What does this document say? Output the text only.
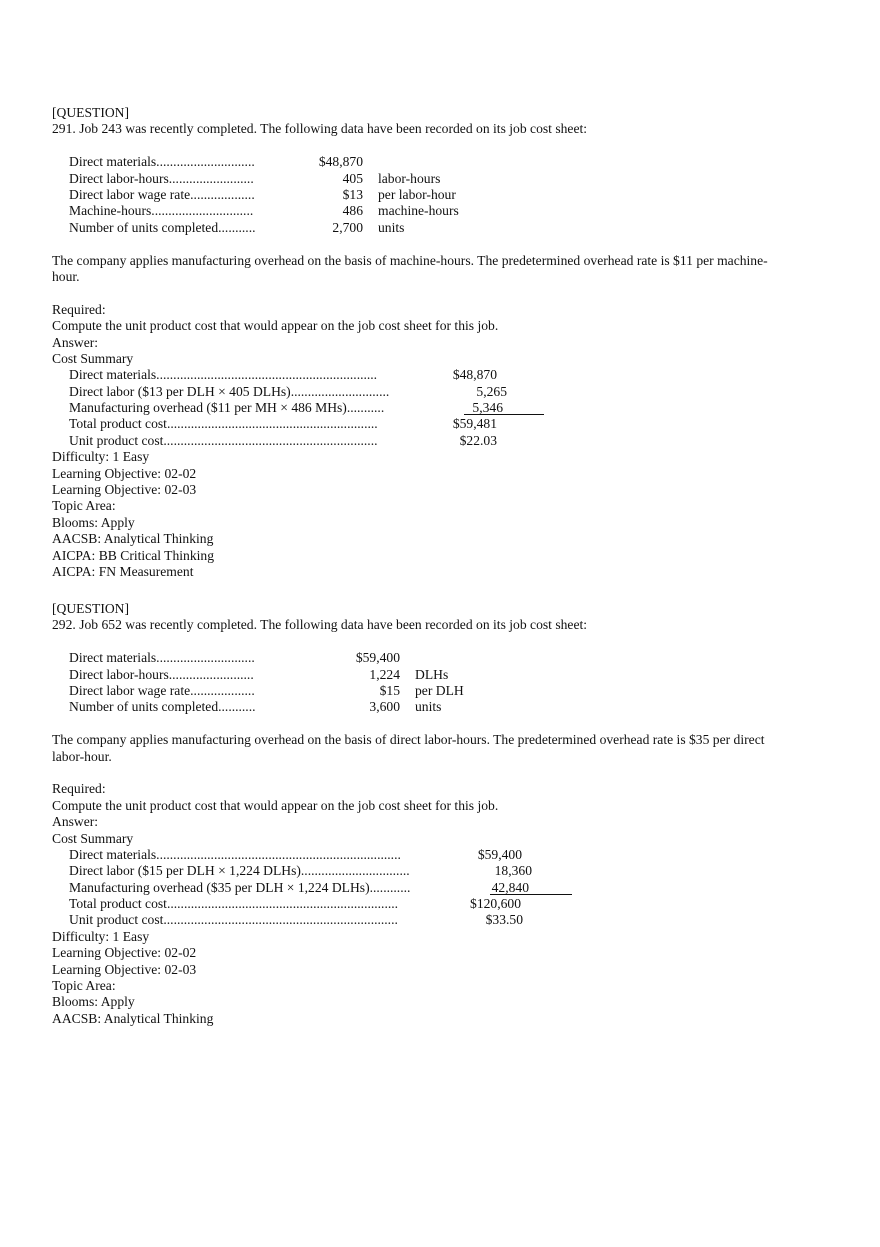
[QUESTION]
291. Job 243 was recently completed. The following data have been recorded on its job cost sheet:
Direct materials.............................	$48,870
Direct labor-hours.........................	405 labor-hours
Direct labor wage rate...................	$13 per labor-hour
Machine-hours..............................	486 machine-hours
Number of units completed...........	2,700 units
The company applies manufacturing overhead on the basis of machine-hours. The predetermined overhead rate is $11 per machine-hour.
Required:
Compute the unit product cost that would appear on the job cost sheet for this job.
Answer:
Cost Summary
Direct materials.................................................................	$48,870
Direct labor ($13 per DLH × 405 DLHs).............................	5,265
Manufacturing overhead ($11 per MH × 486 MHs)...........	5,346
Total product cost..............................................................	$59,481
Unit product cost...............................................................	$22.03
Difficulty: 1 Easy
Learning Objective: 02-02
Learning Objective: 02-03
Topic Area:
Blooms: Apply
AACSB: Analytical Thinking
AICPA: BB Critical Thinking
AICPA: FN Measurement
[QUESTION]
292. Job 652 was recently completed. The following data have been recorded on its job cost sheet:
Direct materials.............................	$59,400
Direct labor-hours.........................	1,224 DLHs
Direct labor wage rate...................	$15 per DLH
Number of units completed...........	3,600 units
The company applies manufacturing overhead on the basis of direct labor-hours. The predetermined overhead rate is $35 per direct labor-hour.
Required:
Compute the unit product cost that would appear on the job cost sheet for this job.
Answer:
Cost Summary
Direct materials........................................................................	$59,400
Direct labor ($15 per DLH × 1,224 DLHs)................................	18,360
Manufacturing overhead ($35 per DLH × 1,224 DLHs)............	42,840
Total product cost....................................................................	$120,600
Unit product cost.....................................................................	$33.50
Difficulty: 1 Easy
Learning Objective: 02-02
Learning Objective: 02-03
Topic Area:
Blooms: Apply
AACSB: Analytical Thinking
